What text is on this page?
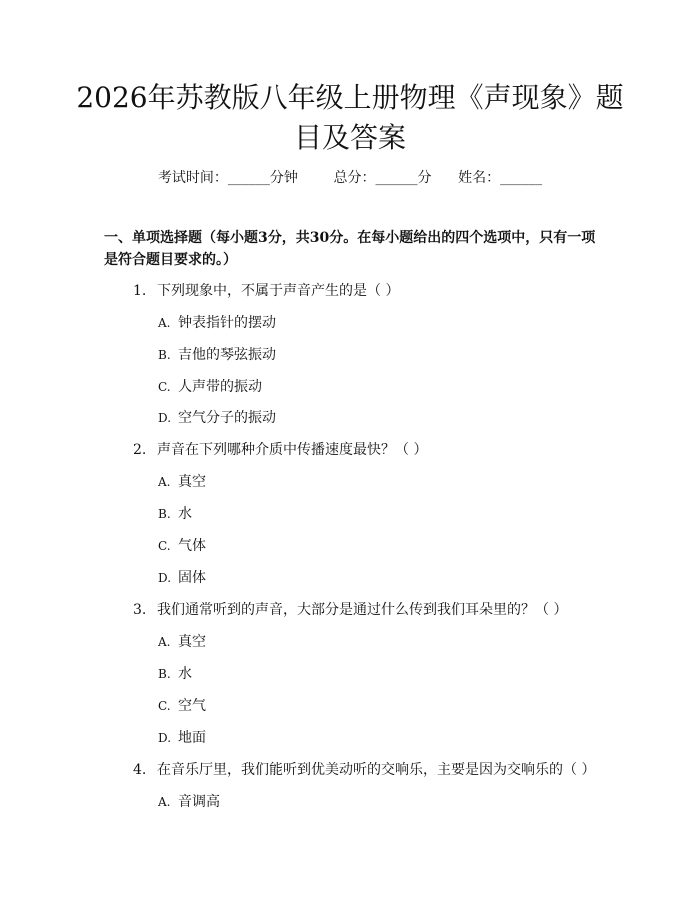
2026年苏教版八年级上册物理《声现象》题目及答案
考试时间：______分钟	总分：______分 姓名：______

一、单项选择题（每小题3分，共30分。在每小题给出的四个选项中，只有一项是符合题目要求的。）

1. 下列现象中，不属于声音产生的是（ ）
A. 钟表指针的摆动
B. 吉他的琴弦振动
C. 人声带的振动
D. 空气分子的振动
2. 声音在下列哪种介质中传播速度最快？（ ）
A. 真空
B. 水
C. 气体
D. 固体
3. 我们通常听到的声音，大部分是通过什么传到我们耳朵里的？（ ）
A. 真空
B. 水
C. 空气
D. 地面
4. 在音乐厅里，我们能听到优美动听的交响乐，主要是因为交响乐的（ ）
A. 音调高
